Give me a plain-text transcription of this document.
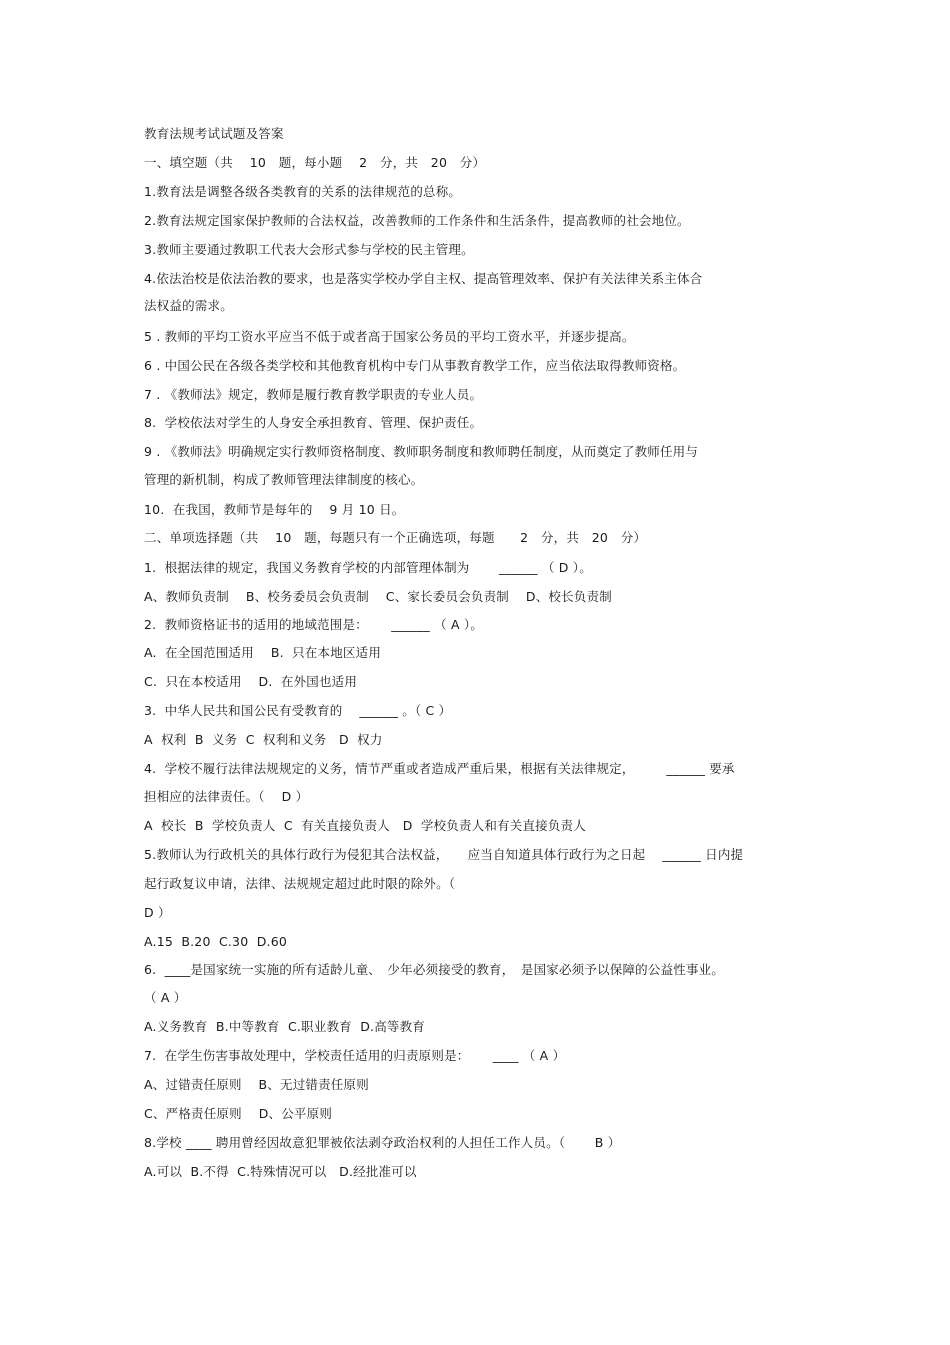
教育法规考试试题及答案
一、填空题（共　 10　题，每小题　 2　分，共　20　分）
1.教育法是调整各级各类教育的关系的法律规范的总称。
2.教育法规定国家保护教师的合法权益，改善教师的工作条件和生活条件，提高教师的社会地位。
3.教师主要通过教职工代表大会形式参与学校的民主管理。
4.依法治校是依法治教的要求，也是落实学校办学自主权、提高管理效率、保护有关法律关系主体合
法权益的需求。
5 . 教师的平均工资水平应当不低于或者高于国家公务员的平均工资水平，并逐步提高。
6 . 中国公民在各级各类学校和其他教育机构中专门从事教育教学工作，应当依法取得教师资格。
7 . 《教师法》规定，教师是履行教育教学职责的专业人员。
8.  学校依法对学生的人身安全承担教育、管理、保护责任。
9 . 《教师法》明确规定实行教师资格制度、教师职务制度和教师聘任制度，从而奠定了教师任用与
管理的新机制，构成了教师管理法律制度的核心。
10.  在我国，教师节是每年的　 9 月 10 日。
二、单项选择题（共　 10　题，每题只有一个正确选项，每题　　2　分，共　20　分）
1.  根据法律的规定，我国义务教育学校的内部管理体制为　　 ______ （ D ）。
A、教师负责制　 B、校务委员会负责制　 C、家长委员会负责制　 D、校长负责制
2.  教师资格证书的适用的地域范围是：　　 ______ （ A ）。
A.  在全国范围适用　 B.  只在本地区适用
C.  只在本校适用　 D.  在外国也适用
3.  中华人民共和国公民有受教育的　 ______ 。（ C ）
A  权利  B  义务  C  权利和义务   D  权力
4.  学校不履行法律法规规定的义务，情节严重或者造成严重后果，根据有关法律规定，　　　______ 要承
担相应的法律责任。（　 D ）
A  校长  B  学校负责人  C  有关直接负责人　D  学校负责人和有关直接负责人
5.教师认为行政机关的具体行政行为侵犯其合法权益，　　应当自知道具体行政行为之日起　 ______ 日内提
起行政复议申请，法律、法规规定超过此时限的除外。（
D ）
A.15  B.20  C.30  D.60
6.  ____是国家统一实施的所有适龄儿童、　少年必须接受的教育，　是国家必须予以保障的公益性事业。
（ A ）
A.义务教育  B.中等教育  C.职业教育  D.高等教育
7.  在学生伤害事故处理中，学校责任适用的归责原则是：　　 ____ （ A ）
A、过错责任原则　 B、无过错责任原则
C、严格责任原则　 D、公平原则
8.学校 ____ 聘用曾经因故意犯罪被依法剥夺政治权利的人担任工作人员。（　　 B ）
A.可以  B.不得  C.特殊情况可以　D.经批准可以
